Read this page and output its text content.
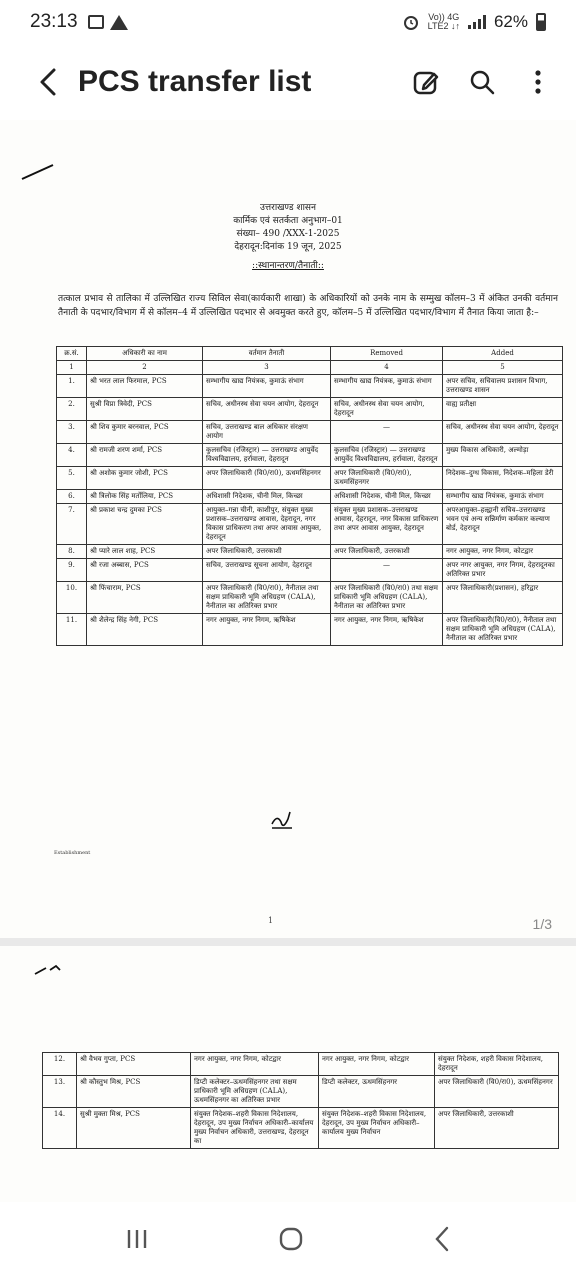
23:13	Vo)) 4G
LTE2 ↓↑ 62%
PCS transfer list
उत्तराखण्ड शासन
कार्मिक एवं सतर्कता अनुभाग–01
संख्या– 490 /XXX-1-2025
देहरादून:दिनांक 19 जून, 2025
::स्थानान्तरण/तैनाती::
तत्काल प्रभाव से तालिका में उल्लिखित राज्य सिविल सेवा(कार्यकारी शाखा) के अधिकारियों को उनके नाम के सम्मुख कॉलम–3 में अंकित उनकी वर्तमान तैनाती के पदभार/विभाग में से कॉलम–4 में उल्लिखित पदभार से अवमुक्त करते हुए, कॉलम–5 में उल्लिखित पदभार/विभाग में तैनात किया जाता है:–
क्र.सं.	अधिकारी का नाम	वर्तमान तैनाती	Removed	Added
1	2	3	4	5
1.	श्री भरत लाल फिरमाल, PCS	सम्भागीय खाद्य नियंत्रक, कुमाऊं संभाग	सम्भागीय खाद्य नियंत्रक, कुमाऊं संभाग	अपर सचिव, सचिवालय प्रशासन विभाग, उत्तराखण्ड शासन
2.	सुश्री विप्रा त्रिवेदी, PCS	सचिव, अधीनस्थ सेवा चयन आयोग, देहरादून	सचिव, अधीनस्थ सेवा चयन आयोग, देहरादून	वाह्य प्रतीक्षा
3.	श्री शिव कुमार बरनवाल, PCS	सचिव, उत्तराखण्ड बाल अधिकार संरक्षण आयोग	—	सचिव, अधीनस्थ सेवा चयन आयोग, देहरादून
4.	श्री रामजी शरण शर्मा, PCS	कुलसचिव (रजिस्ट्रार) — उत्तराखण्ड आयुर्वेद विश्वविद्यालय, हर्रावाला, देहरादून	कुलसचिव (रजिस्ट्रार) — उत्तराखण्ड आयुर्वेद विश्वविद्यालय, हर्रावाला, देहरादून	मुख्य विकास अधिकारी, अल्मोड़ा
5.	श्री अशोक कुमार जोशी, PCS	अपर जिलाधिकारी (वि0/रा0), ऊधमसिंहनगर	अपर जिलाधिकारी (वि0/रा0), ऊधमसिंहनगर	निदेशक–दुग्ध विकास, निदेशक–महिला डेरी
6.	श्री त्रिलोक सिंह मर्तोलिया, PCS	अधिशासी निदेशक, चीनी मिल, किच्छा	अधिशासी निदेशक, चीनी मिल, किच्छा	सम्भागीय खाद्य नियंत्रक, कुमाऊं संभाग
7.	श्री प्रकाश चन्द्र दुमका PCS	आयुक्त–गन्ना चीनी, काशीपुर, संयुक्त मुख्य प्रशासक–उत्तराखण्ड आवास, देहरादून, नगर विकास प्राधिकरण तथा अपर आवास आयुक्त, देहरादून	संयुक्त मुख्य प्रशासक–उत्तराखण्ड आवास, देहरादून, नगर विकास प्राधिकरण तथा अपर आवास आयुक्त, देहरादून	अपरआयुक्त–हल्द्वानी सचिव–उत्तराखण्ड भवन एवं अन्य सन्निर्माण कर्मकार कल्याण बोर्ड, देहरादून
8.	श्री प्यारे लाल शाह, PCS	अपर जिलाधिकारी, उत्तरकाशी	अपर जिलाधिकारी, उत्तरकाशी	नगर आयुक्त, नगर निगम, कोटद्वार
9.	श्री रजा अब्बास, PCS	सचिव, उत्तराखण्ड सूचना आयोग, देहरादून	—	अपर नगर आयुक्त, नगर निगम, देहरादूनका अतिरिक्त प्रभार
10.	श्री फिंचाराम, PCS	अपर जिलाधिकारी (वि0/रा0), नैनीताल तथा सक्षम प्राधिकारी भूमि अधिग्रहण (CALA), नैनीताल का अतिरिक्त प्रभार	अपर जिलाधिकारी (वि0/रा0) तथा सक्षम प्राधिकारी भूमि अधिग्रहण (CALA), नैनीताल का अतिरिक्त प्रभार	अपर जिलाधिकारी(प्रशासन), हरिद्वार
11.	श्री शैलेन्द्र सिंह नेगी, PCS	नगर आयुक्त, नगर निगम, ऋषिकेश	नगर आयुक्त, नगर निगम, ऋषिकेश	अपर जिलाधिकारी(वि0/रा0), नैनीताल तथा सक्षम प्राधिकारी भूमि अधिग्रहण (CALA), नैनीताल का अतिरिक्त प्रभार
Establishment
1	1/3
12.	श्री वैभव गुप्ता, PCS	नगर आयुक्त, नगर निगम, कोटद्वार	नगर आयुक्त, नगर निगम, कोटद्वार	संयुक्त निदेशक, शहरी विकास निदेशालय, देहरादून
13.	श्री कौस्तुभ मिश्र, PCS	डिप्टी कलेक्टर–ऊधमसिंहनगर तथा सक्षम प्राधिकारी भूमि अधिग्रहण (CALA), ऊधमसिंहनगर का अतिरिक्त प्रभार	डिप्टी कलेक्टर, ऊधमसिंहनगर	अपर जिलाधिकारी (वि0/रा0), ऊधमसिंहनगर
14.	सुश्री मुक्ता मिश्र, PCS	संयुक्त निदेशक–शहरी विकास निदेशालय, देहरादून, उप मुख्य निर्वाचन अधिकारी–कार्यालय मुख्य निर्वाचन अधिकारी, उत्तराखण्ड, देहरादून का	संयुक्त निदेशक–शहरी विकास निदेशालय, देहरादून, उप मुख्य निर्वाचन अधिकारी–कार्यालय मुख्य निर्वाचन	अपर जिलाधिकारी, उत्तरकाशी
